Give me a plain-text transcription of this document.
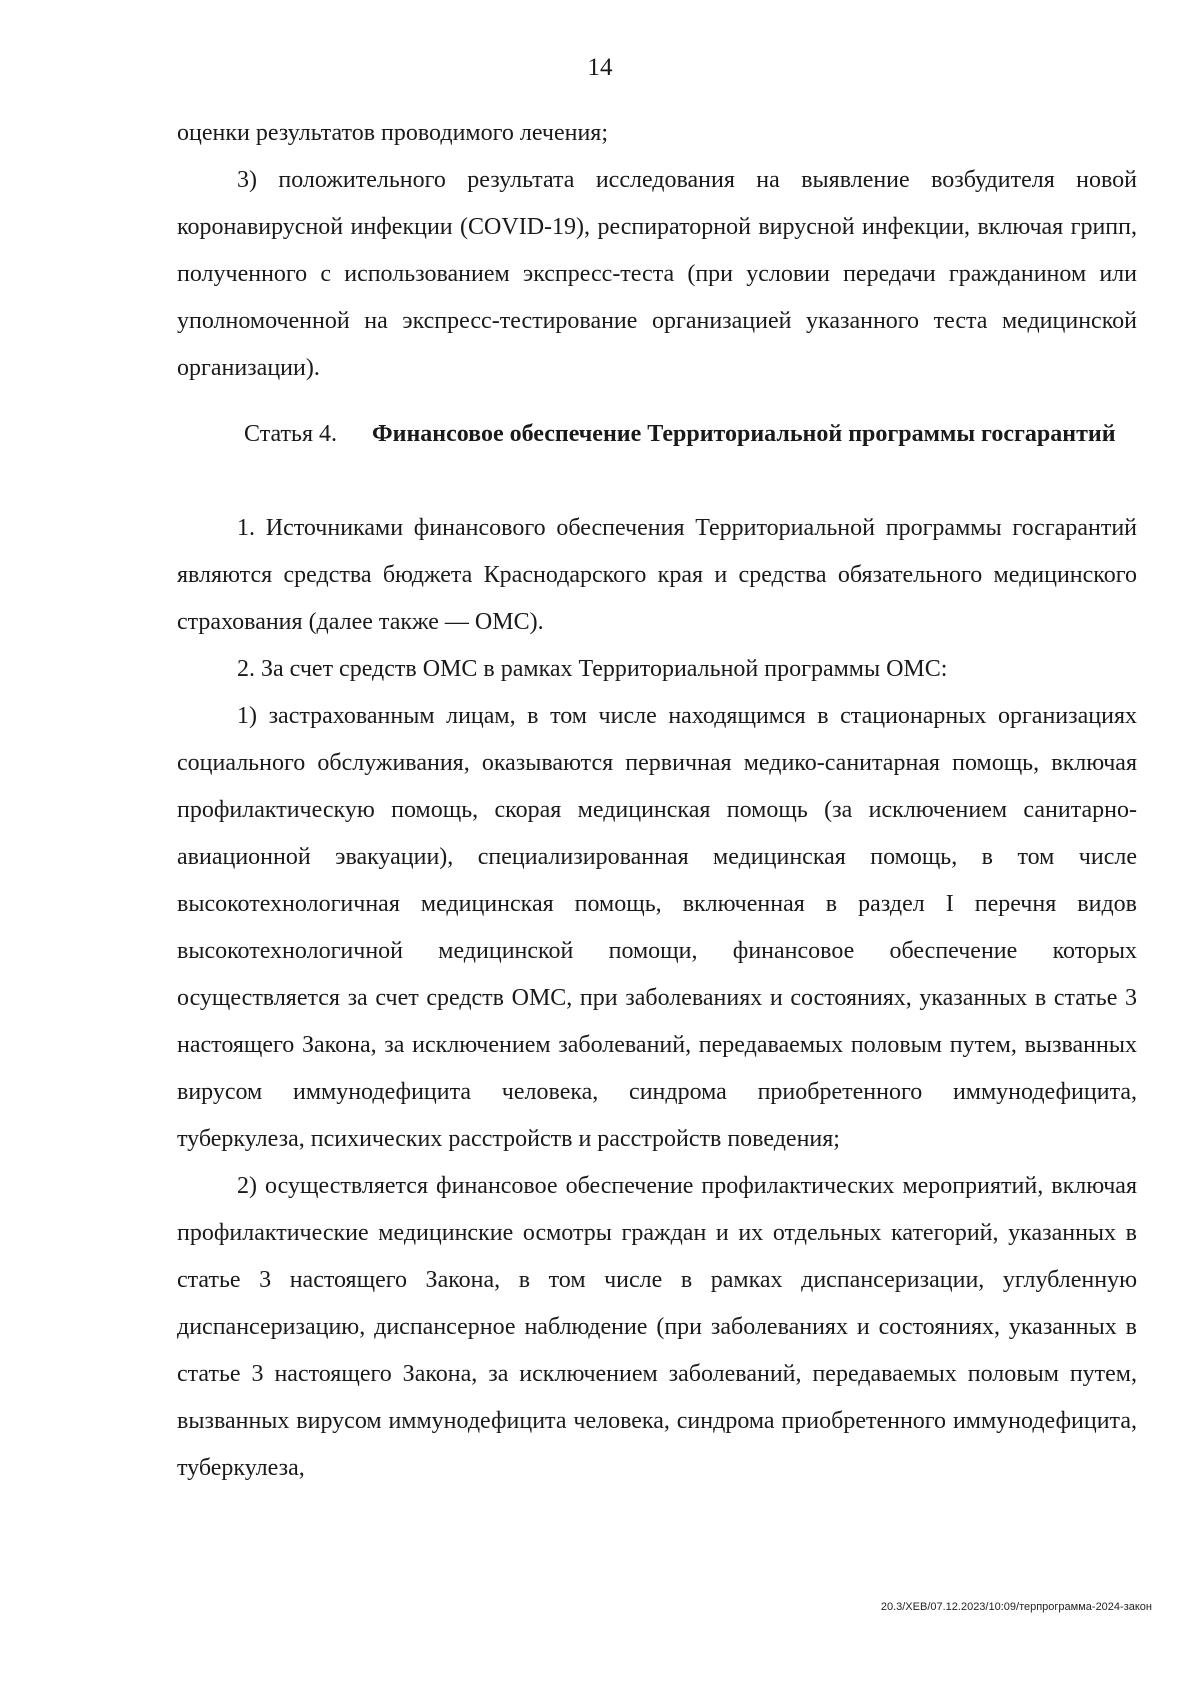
14

оценки результатов проводимого лечения;

3) положительного результата исследования на выявление возбудителя новой коронавирусной инфекции (COVID-19), респираторной вирусной инфекции, включая грипп, полученного с использованием экспресс-теста (при условии передачи гражданином или уполномоченной на экспресс-тестирование организацией указанного теста медицинской организации).

Статья 4. Финансовое обеспечение Территориальной программы госгарантий

1. Источниками финансового обеспечения Территориальной программы госгарантий являются средства бюджета Краснодарского края и средства обязательного медицинского страхования (далее также — ОМС).

2. За счет средств ОМС в рамках Территориальной программы ОМС:

1) застрахованным лицам, в том числе находящимся в стационарных организациях социального обслуживания, оказываются первичная медико-санитарная помощь, включая профилактическую помощь, скорая медицинская помощь (за исключением санитарно-авиационной эвакуации), специализированная медицинская помощь, в том числе высокотехнологичная медицинская помощь, включенная в раздел I перечня видов высокотехнологичной медицинской помощи, финансовое обеспечение которых осуществляется за счет средств ОМС, при заболеваниях и состояниях, указанных в статье 3 настоящего Закона, за исключением заболеваний, передаваемых половым путем, вызванных вирусом иммунодефицита человека, синдрома приобретенного иммунодефицита, туберкулеза, психических расстройств и расстройств поведения;

2) осуществляется финансовое обеспечение профилактических мероприятий, включая профилактические медицинские осмотры граждан и их отдельных категорий, указанных в статье 3 настоящего Закона, в том числе в рамках диспансеризации, углубленную диспансеризацию, диспансерное наблюдение (при заболеваниях и состояниях, указанных в статье 3 настоящего Закона, за исключением заболеваний, передаваемых половым путем, вызванных вирусом иммунодефицита человека, синдрома приобретенного иммунодефицита, туберкулеза,

20.3/ХЕВ/07.12.2023/10:09/терпрограмма-2024-закон
